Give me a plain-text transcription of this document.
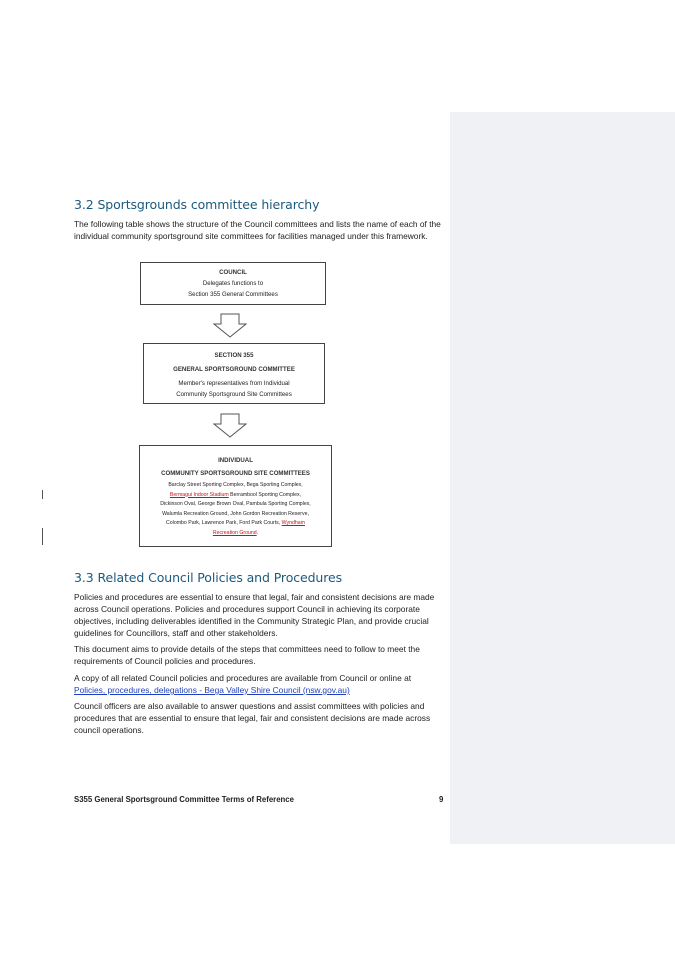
3.2 Sportsgrounds committee hierarchy

The following table shows the structure of the Council committees and lists the name of each of the individual community sportsground site committees for facilities managed under this framework.

COUNCIL
Delegates functions to
Section 355 General Committees
SECTION 355
GENERAL SPORTSGROUND COMMITTEE
Member's representatives from Individual
Community Sportsground Site Committees
INDIVIDUAL
COMMUNITY SPORTSGROUND SITE COMMITTEES
Barclay Street Sporting Complex, Bega Sporting Complex, Bermagui Indoor Stadium Berrambool Sporting Complex, Dickinson Oval, George Brown Oval, Pambula Sporting Complex, Walumla Recreation Ground, John Gordon Recreation Reserve, Colombo Park, Lawrence Park, Ford Park Courts, Wyndham Recreation Ground.
3.3 Related Council Policies and Procedures

Policies and procedures are essential to ensure that legal, fair and consistent decisions are made across Council operations. Policies and procedures support Council in achieving its corporate objectives, including deliverables identified in the Community Strategic Plan, and provide crucial guidelines for Councillors, staff and other stakeholders.

This document aims to provide details of the steps that committees need to follow to meet the requirements of Council policies and procedures.

A copy of all related Council policies and procedures are available from Council or online at Policies, procedures, delegations - Bega Valley Shire Council (nsw.gov.au)

Council officers are also available to answer questions and assist committees with policies and procedures that are essential to ensure that legal, fair and consistent decisions are made across council operations.

S355 General Sportsground Committee Terms of Reference	9
